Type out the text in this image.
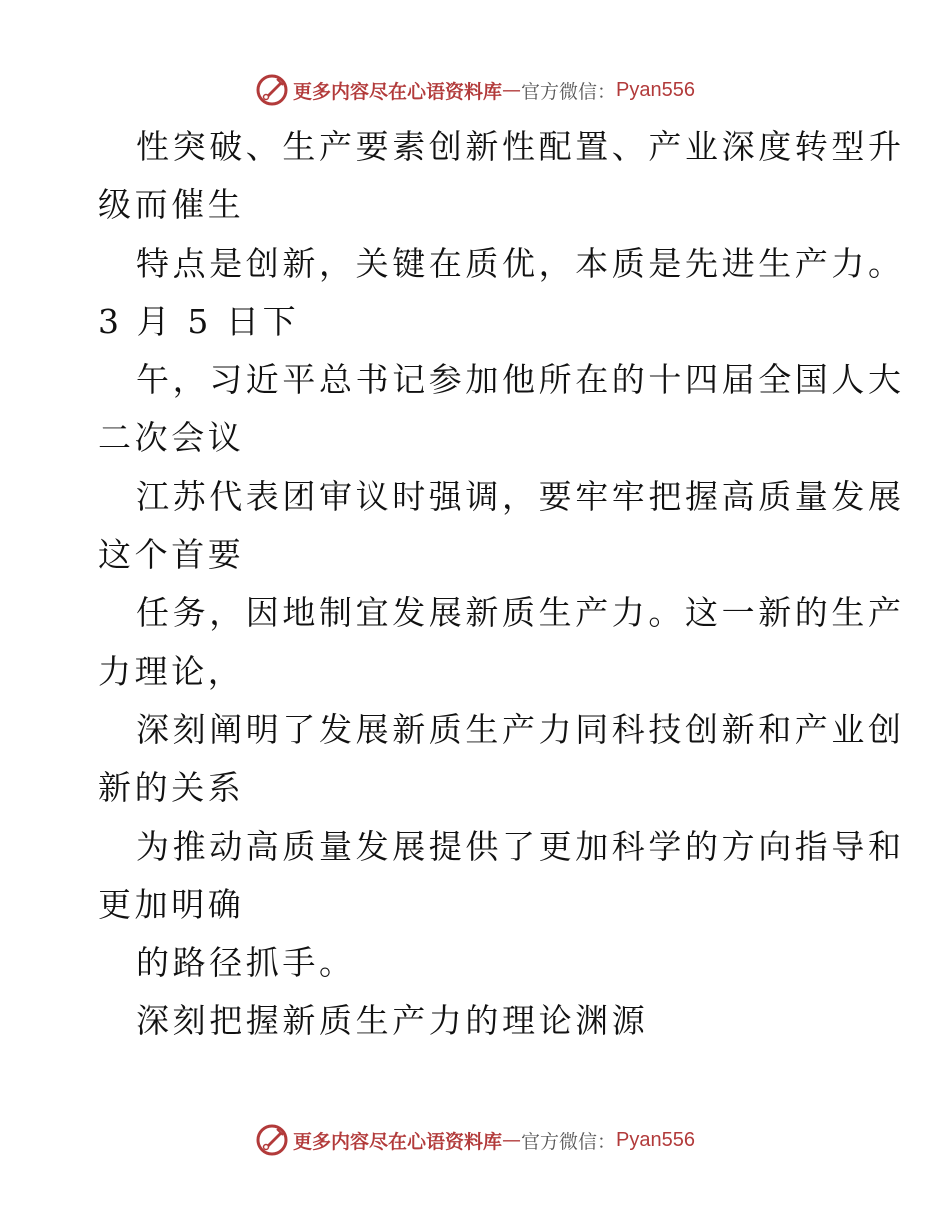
更多内容尽在心语资料库 — 官方微信： Pyan556
性突破、生产要素创新性配置、产业深度转型升
级而催生
特点是创新，关键在质优，本质是先进生产力。
3 月 5 日下
午，习近平总书记参加他所在的十四届全国人大
二次会议
江苏代表团审议时强调，要牢牢把握高质量发展
这个首要
任务，因地制宜发展新质生产力。这一新的生产
力理论，
深刻阐明了发展新质生产力同科技创新和产业创
新的关系
为推动高质量发展提供了更加科学的方向指导和
更加明确
的路径抓手。
深刻把握新质生产力的理论渊源
更多内容尽在心语资料库 — 官方微信： Pyan556
